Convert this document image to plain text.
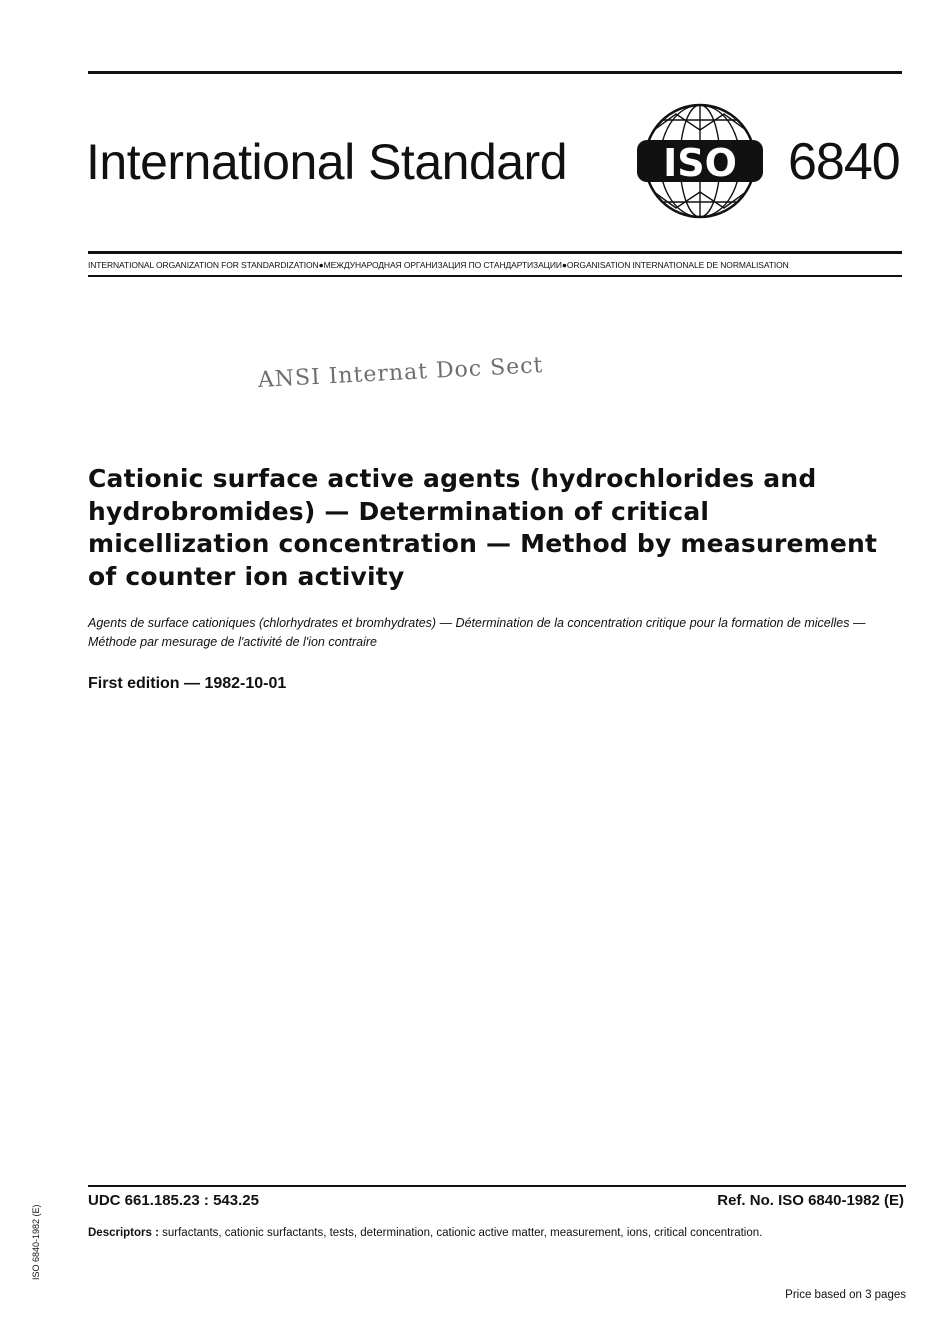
International Standard	ISO 6840
INTERNATIONAL ORGANIZATION FOR STANDARDIZATION●МЕЖДУНАРОДНАЯ ОРГАНИЗАЦИЯ ПО СТАНДАРТИЗАЦИИ●ORGANISATION INTERNATIONALE DE NORMALISATION
ANSI Internat Doc Sect
Cationic surface active agents (hydrochlorides and hydrobromides) — Determination of critical micellization concentration — Method by measurement of counter ion activity

Agents de surface cationiques (chlorhydrates et bromhydrates) — Détermination de la concentration critique pour la formation de micelles — Méthode par mesurage de l'activité de l'ion contraire

First edition — 1982-10-01
ISO 6840-1982 (E)
UDC 661.185.23 : 543.25	Ref. No. ISO 6840-1982 (E)
Descriptors : surfactants, cationic surfactants, tests, determination, cationic active matter, measurement, ions, critical concentration.
Price based on 3 pages
